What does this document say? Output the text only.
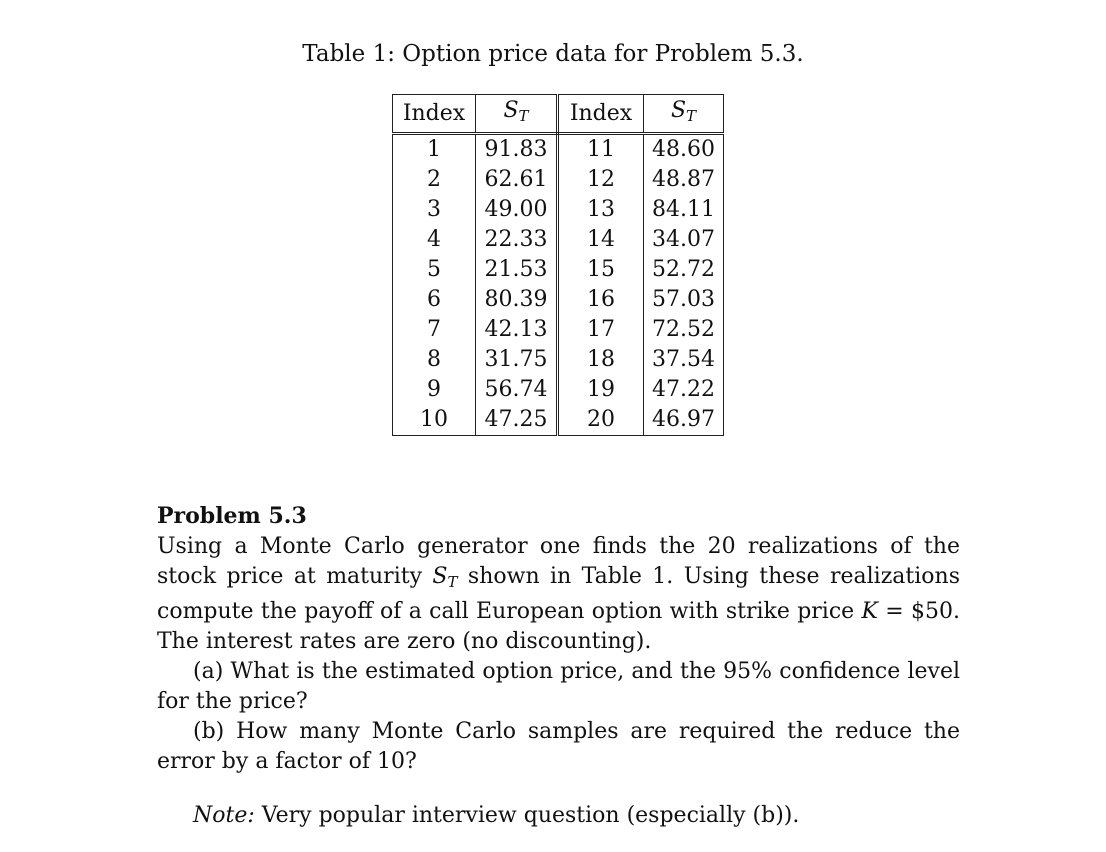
Table 1: Option price data for Problem 5.3.
Index	ST	Index	ST
1	91.83	11	48.60
2	62.61	12	48.87
3	49.00	13	84.11
4	22.33	14	34.07
5	21.53	15	52.72
6	80.39	16	57.03
7	42.13	17	72.52
8	31.75	18	37.54
9	56.74	19	47.22
10	47.25	20	46.97

Problem 5.3

Using a Monte Carlo generator one finds the 20 realizations of the stock price at maturity ST shown in Table 1. Using these realizations compute the payoff of a call European option with strike price K = $50. The interest rates are zero (no discounting).

(a) What is the estimated option price, and the 95% confidence level for the price?

(b) How many Monte Carlo samples are required the reduce the error by a factor of 10?

Note: Very popular interview question (especially (b)).
